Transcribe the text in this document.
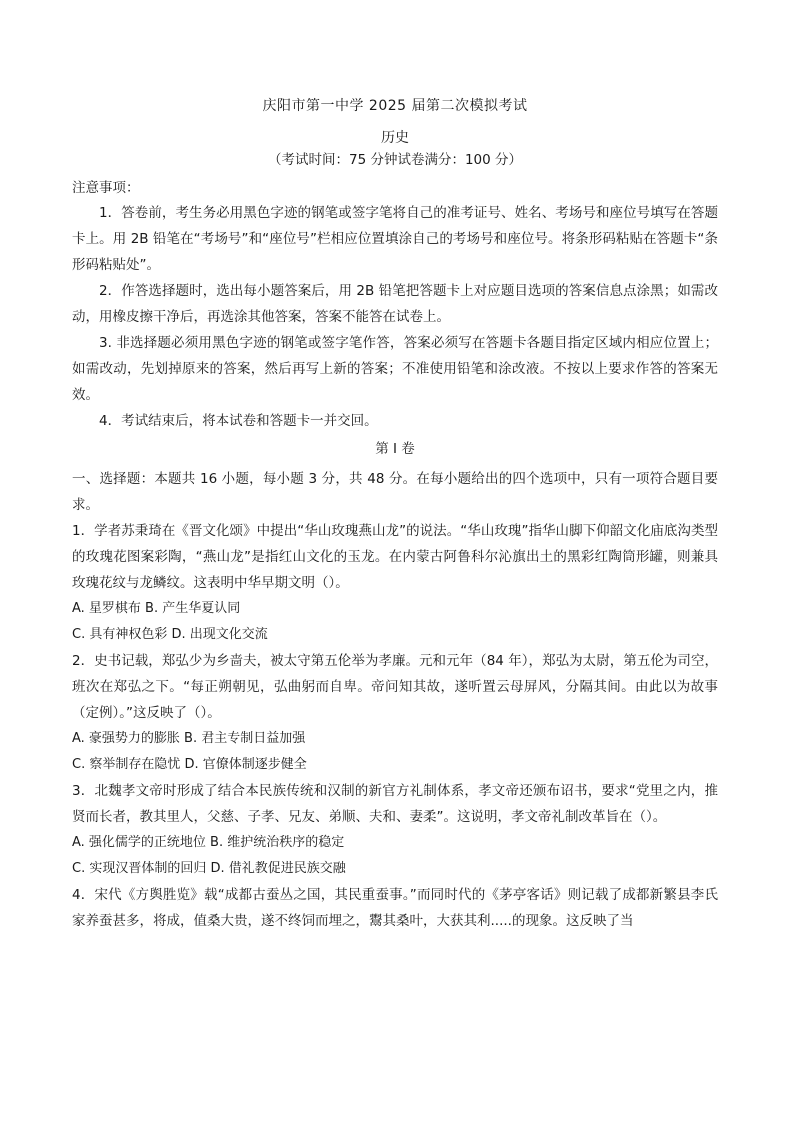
庆阳市第一中学 2025 届第二次模拟考试
历史
（考试时间：75 分钟试卷满分：100 分）
注意事项：

1．答卷前，考生务必用黑色字迹的钢笔或签字笔将自己的准考证号、姓名、考场号和座位号填写在答题卡上。用 2B 铅笔在“考场号”和“座位号”栏相应位置填涂自己的考场号和座位号。将条形码粘贴在答题卡“条形码粘贴处”。

2．作答选择题时，选出每小题答案后，用 2B 铅笔把答题卡上对应题目选项的答案信息点涂黑；如需改动，用橡皮擦干净后，再选涂其他答案，答案不能答在试卷上。

3. 非选择题必须用黑色字迹的钢笔或签字笔作答，答案必须写在答题卡各题目指定区域内相应位置上；如需改动，先划掉原来的答案，然后再写上新的答案；不准使用铅笔和涂改液。不按以上要求作答的答案无效。

4．考试结束后，将本试卷和答题卡一并交回。

第 I 卷

一、选择题：本题共 16 小题，每小题 3 分，共 48 分。在每小题给出的四个选项中，只有一项符合题目要求。

1．学者苏秉琦在《晋文化颂》中提出“华山玫瑰燕山龙”的说法。“华山玫瑰”指华山脚下仰韶文化庙底沟类型的玫瑰花图案彩陶，“燕山龙”是指红山文化的玉龙。在内蒙古阿鲁科尔沁旗出土的黑彩红陶筒形罐，则兼具玫瑰花纹与龙鳞纹。这表明中华早期文明（）。

A. 星罗棋布 B. 产生华夏认同

C. 具有神权色彩 D. 出现文化交流

2．史书记载，郑弘少为乡啬夫，被太守第五伦举为孝廉。元和元年（84 年），郑弘为太尉，第五伦为司空，班次在郑弘之下。“每正朔朝见，弘曲躬而自卑。帝问知其故，遂听置云母屏风，分隔其间。由此以为故事（定例）。”这反映了（）。

A. 豪强势力的膨胀 B. 君主专制日益加强

C. 察举制存在隐忧 D. 官僚体制逐步健全

3．北魏孝文帝时形成了结合本民族传统和汉制的新官方礼制体系，孝文帝还颁布诏书，要求“党里之内，推贤而长者，教其里人，父慈、子孝、兄友、弟顺、夫和、妻柔”。这说明，孝文帝礼制改革旨在（）。

A. 强化儒学的正统地位 B. 维护统治秩序的稳定

C. 实现汉晋体制的回归 D. 借礼教促进民族交融

4．宋代《方舆胜览》载“成都古蚕丛之国，其民重蚕事。”而同时代的《茅亭客话》则记载了成都新繁县李氏家养蚕甚多，将成，值桑大贵，遂不终饲而埋之，鬻其桑叶，大获其利.....的现象。这反映了当
